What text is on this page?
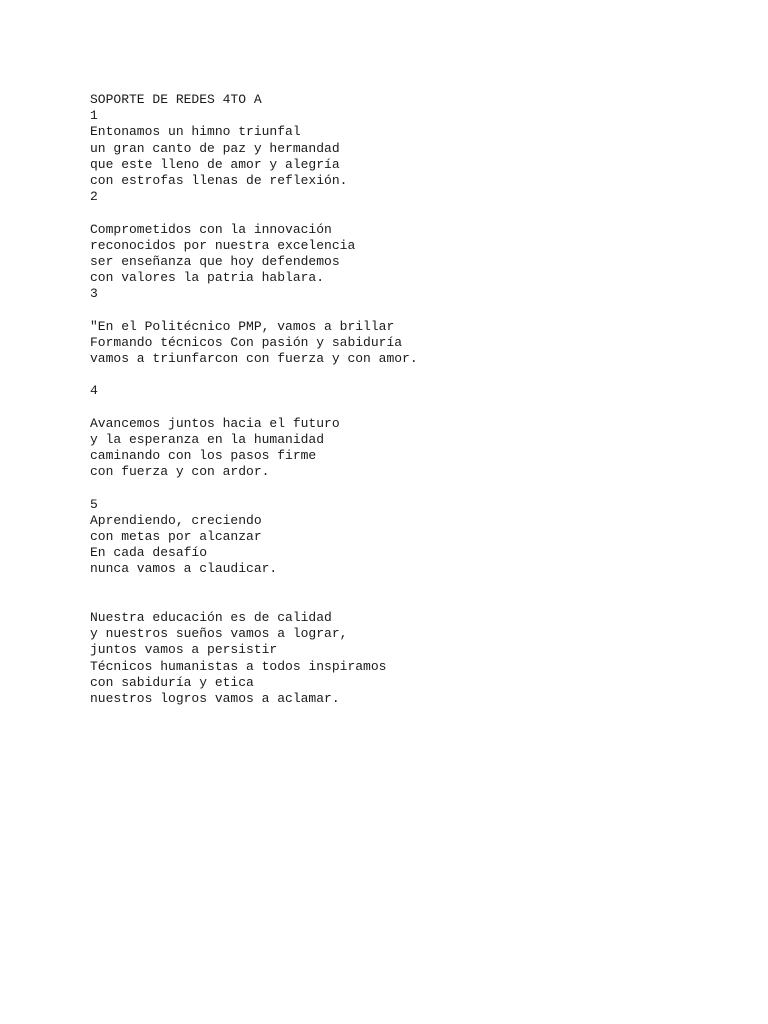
SOPORTE DE REDES 4TO A
1
Entonamos un himno triunfal
un gran canto de paz y hermandad
que este lleno de amor y alegría
con estrofas llenas de reflexión.
2
Comprometidos con la innovación
reconocidos por nuestra excelencia
ser enseñanza que hoy defendemos
con valores la patria hablara.
3
"En el Politécnico PMP, vamos a brillar
Formando técnicos Con pasión y sabiduría
vamos a triunfarcon con fuerza y con amor.
4
Avancemos juntos hacia el futuro
y la esperanza en la humanidad
caminando con los pasos firme
con fuerza y con ardor.
5
Aprendiendo, creciendo
con metas por alcanzar
En cada desafío
nunca vamos a claudicar.
Nuestra educación es de calidad
y nuestros sueños vamos a lograr,
juntos vamos a persistir
Técnicos humanistas a todos inspiramos
con sabiduría y etica
nuestros logros vamos a aclamar.
